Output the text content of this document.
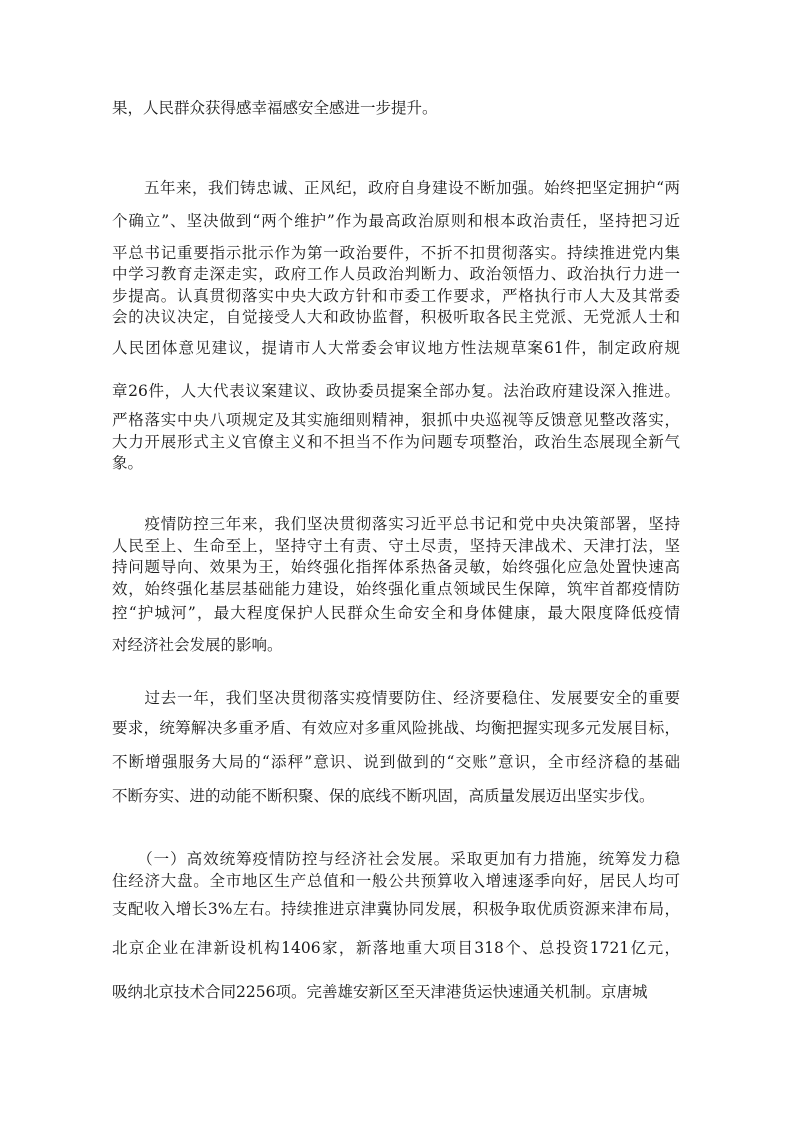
果，人民群众获得感幸福感安全感进一步提升。
　　五年来，我们铸忠诚、正风纪，政府自身建设不断加强。始终把坚定拥护“两
个确立”、坚决做到“两个维护”作为最高政治原则和根本政治责任，坚持把习近
平总书记重要指示批示作为第一政治要件，不折不扣贯彻落实。持续推进党内集
中学习教育走深走实，政府工作人员政治判断力、政治领悟力、政治执行力进一
步提高。认真贯彻落实中央大政方针和市委工作要求，严格执行市人大及其常委
会的决议决定，自觉接受人大和政协监督，积极听取各民主党派、无党派人士和
人民团体意见建议，提请市人大常委会审议地方性法规草案61件，制定政府规
章26件，人大代表议案建议、政协委员提案全部办复。法治政府建设深入推进。
严格落实中央八项规定及其实施细则精神，狠抓中央巡视等反馈意见整改落实，
大力开展形式主义官僚主义和不担当不作为问题专项整治，政治生态展现全新气
象。
　　疫情防控三年来，我们坚决贯彻落实习近平总书记和党中央决策部署，坚持
人民至上、生命至上，坚持守土有责、守土尽责，坚持天津战术、天津打法，坚
持问题导向、效果为王，始终强化指挥体系热备灵敏，始终强化应急处置快速高
效，始终强化基层基础能力建设，始终强化重点领域民生保障，筑牢首都疫情防
控“护城河”，最大程度保护人民群众生命安全和身体健康，最大限度降低疫情
对经济社会发展的影响。
　　过去一年，我们坚决贯彻落实疫情要防住、经济要稳住、发展要安全的重要
要求，统筹解决多重矛盾、有效应对多重风险挑战、均衡把握实现多元发展目标，
不断增强服务大局的“添秤”意识、说到做到的“交账”意识，全市经济稳的基础
不断夯实、进的动能不断积聚、保的底线不断巩固，高质量发展迈出坚实步伐。
　　（一）高效统筹疫情防控与经济社会发展。采取更加有力措施，统筹发力稳
住经济大盘。全市地区生产总值和一般公共预算收入增速逐季向好，居民人均可
支配收入增长3%左右。持续推进京津冀协同发展，积极争取优质资源来津布局，
北京企业在津新设机构1406家，新落地重大项目318个、总投资1721亿元，
吸纳北京技术合同2256项。完善雄安新区至天津港货运快速通关机制。京唐城
